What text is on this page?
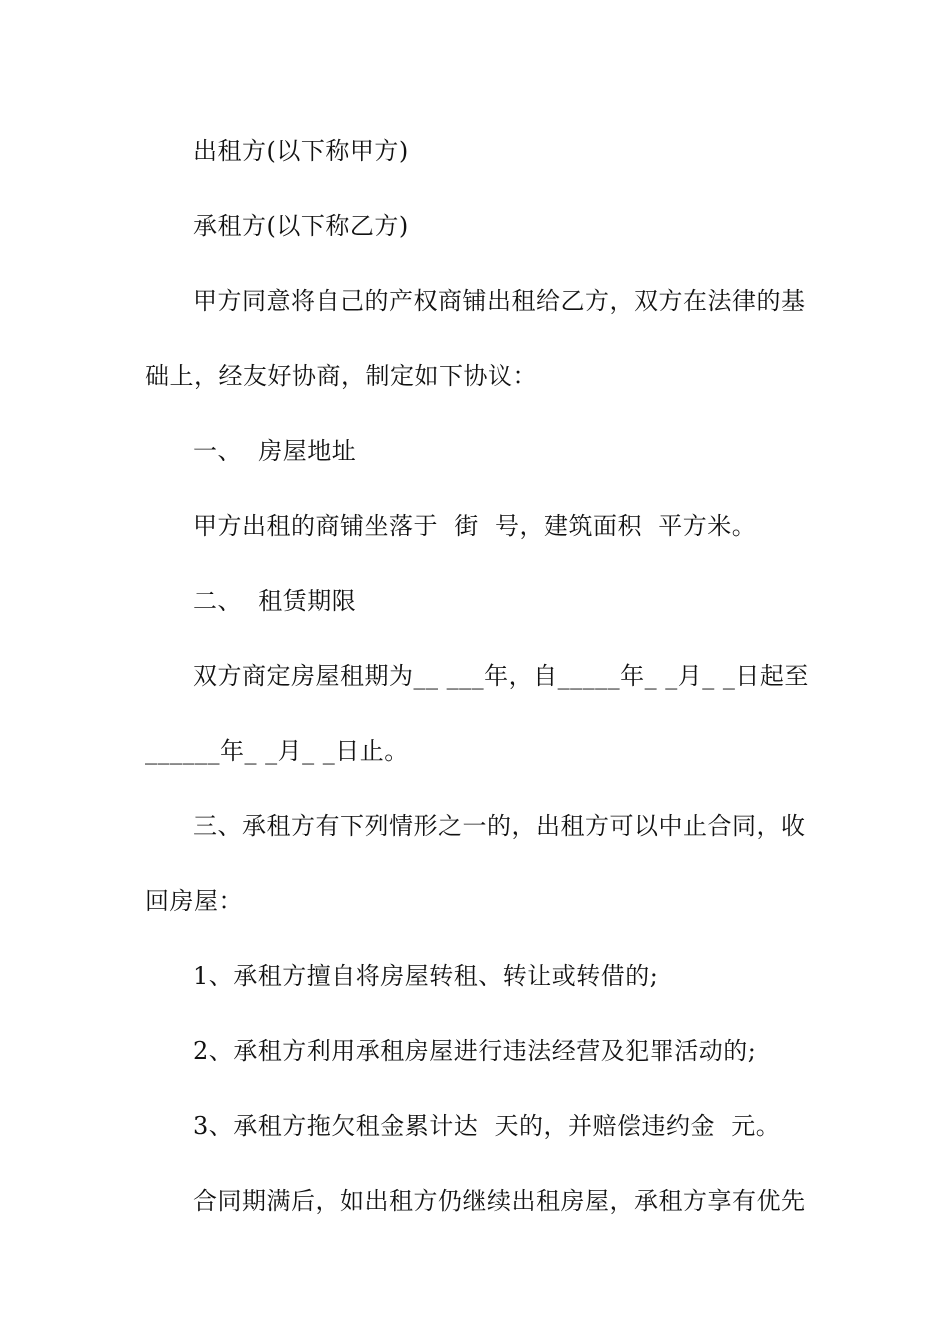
出租方(以下称甲方)
承租方(以下称乙方)
甲方同意将自己的产权商铺出租给乙方，双方在法律的基
础上，经友好协商，制定如下协议：
一、  房屋地址
甲方出租的商铺坐落于  街  号，建筑面积  平方米。
二、  租赁期限
双方商定房屋租期为__ ___年，自_____年_ _月_ _日起至
______年_ _月_ _日止。
三、承租方有下列情形之一的，出租方可以中止合同，收
回房屋：
1、承租方擅自将房屋转租、转让或转借的;
2、承租方利用承租房屋进行违法经营及犯罪活动的;
3、承租方拖欠租金累计达  天的，并赔偿违约金  元。
合同期满后，如出租方仍继续出租房屋，承租方享有优先
